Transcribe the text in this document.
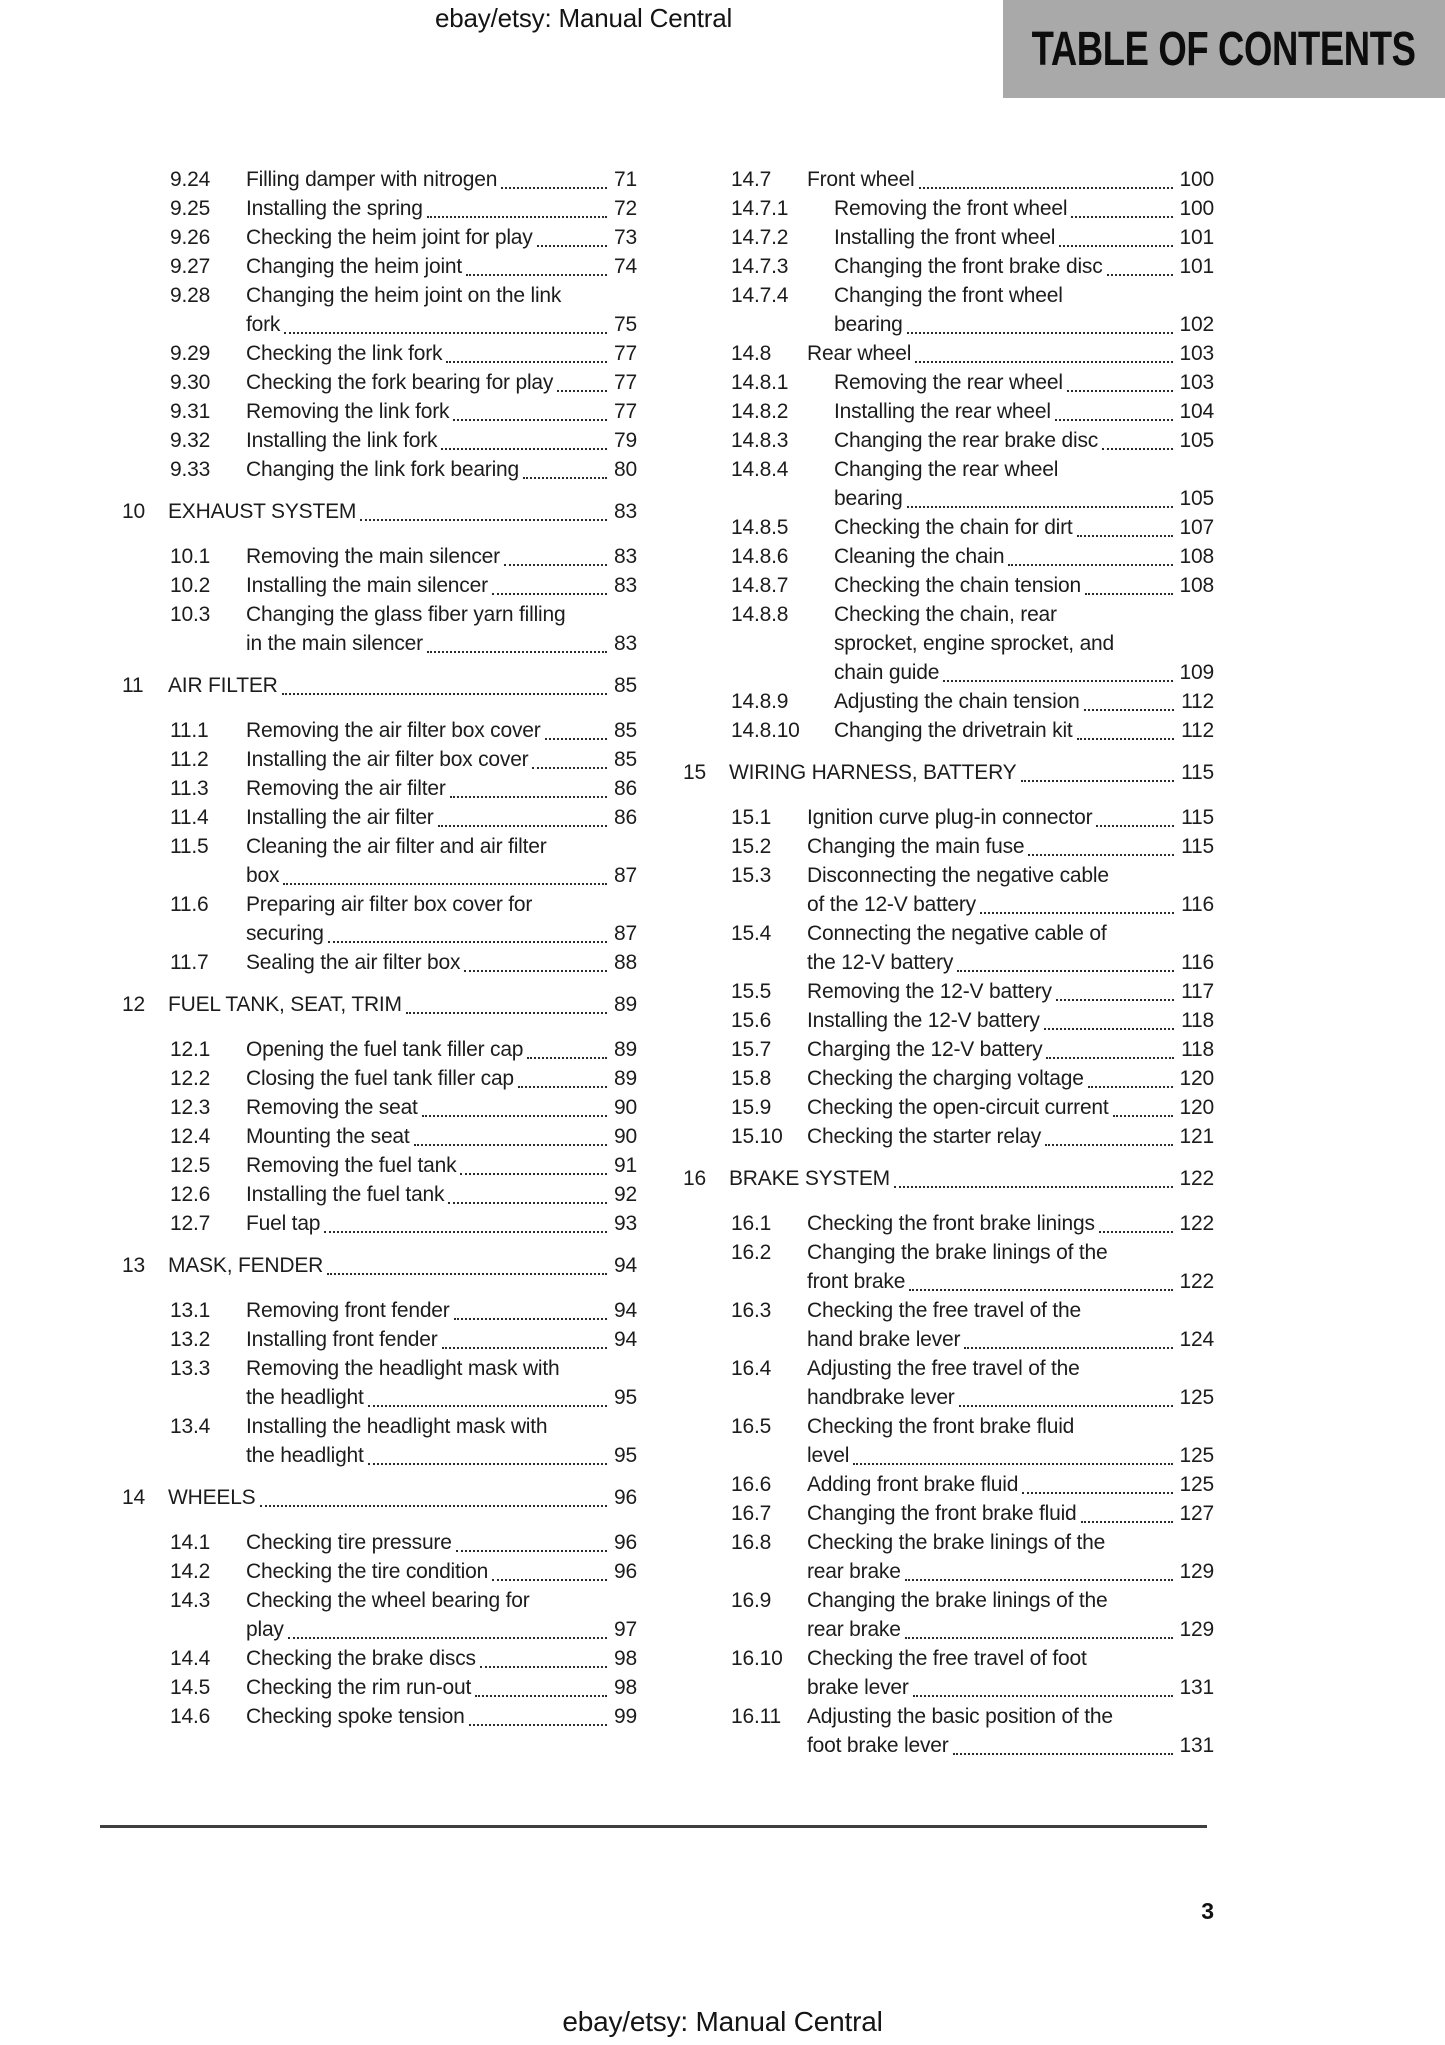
ebay/etsy: Manual Central
TABLE OF CONTENTS
9.24	Filling damper with nitrogen	71
9.25	Installing the spring	72
9.26	Checking the heim joint for play	73
9.27	Changing the heim joint	74
9.28	Changing the heim joint on the link
fork	75
9.29	Checking the link fork	77
9.30	Checking the fork bearing for play	77
9.31	Removing the link fork	77
9.32	Installing the link fork	79
9.33	Changing the link fork bearing	80
10	EXHAUST SYSTEM	83
10.1	Removing the main silencer	83
10.2	Installing the main silencer	83
10.3	Changing the glass fiber yarn filling
in the main silencer	83
11	AIR FILTER	85
11.1	Removing the air filter box cover	85
11.2	Installing the air filter box cover	85
11.3	Removing the air filter	86
11.4	Installing the air filter	86
11.5	Cleaning the air filter and air filter
box	87
11.6	Preparing air filter box cover for
securing	87
11.7	Sealing the air filter box	88
12	FUEL TANK, SEAT, TRIM	89
12.1	Opening the fuel tank filler cap	89
12.2	Closing the fuel tank filler cap	89
12.3	Removing the seat	90
12.4	Mounting the seat	90
12.5	Removing the fuel tank	91
12.6	Installing the fuel tank	92
12.7	Fuel tap	93
13	MASK, FENDER	94
13.1	Removing front fender	94
13.2	Installing front fender	94
13.3	Removing the headlight mask with
the headlight	95
13.4	Installing the headlight mask with
the headlight	95
14	WHEELS	96
14.1	Checking tire pressure	96
14.2	Checking the tire condition	96
14.3	Checking the wheel bearing for
play	97
14.4	Checking the brake discs	98
14.5	Checking the rim run-out	98
14.6	Checking spoke tension	99
14.7	Front wheel	100
14.7.1	Removing the front wheel	100
14.7.2	Installing the front wheel	101
14.7.3	Changing the front brake disc	101
14.7.4	Changing the front wheel
bearing	102
14.8	Rear wheel	103
14.8.1	Removing the rear wheel	103
14.8.2	Installing the rear wheel	104
14.8.3	Changing the rear brake disc	105
14.8.4	Changing the rear wheel
bearing	105
14.8.5	Checking the chain for dirt	107
14.8.6	Cleaning the chain	108
14.8.7	Checking the chain tension	108
14.8.8	Checking the chain, rear
sprocket, engine sprocket, and
chain guide	109
14.8.9	Adjusting the chain tension	112
14.8.10	Changing the drivetrain kit	112
15	WIRING HARNESS, BATTERY	115
15.1	Ignition curve plug-in connector	115
15.2	Changing the main fuse	115
15.3	Disconnecting the negative cable
of the 12-V battery	116
15.4	Connecting the negative cable of
the 12-V battery	116
15.5	Removing the 12-V battery	117
15.6	Installing the 12-V battery	118
15.7	Charging the 12-V battery	118
15.8	Checking the charging voltage	120
15.9	Checking the open-circuit current	120
15.10	Checking the starter relay	121
16	BRAKE SYSTEM	122
16.1	Checking the front brake linings	122
16.2	Changing the brake linings of the
front brake	122
16.3	Checking the free travel of the
hand brake lever	124
16.4	Adjusting the free travel of the
handbrake lever	125
16.5	Checking the front brake fluid
level	125
16.6	Adding front brake fluid	125
16.7	Changing the front brake fluid	127
16.8	Checking the brake linings of the
rear brake	129
16.9	Changing the brake linings of the
rear brake	129
16.10	Checking the free travel of foot
brake lever	131
16.11	Adjusting the basic position of the
foot brake lever	131
3
ebay/etsy: Manual Central
